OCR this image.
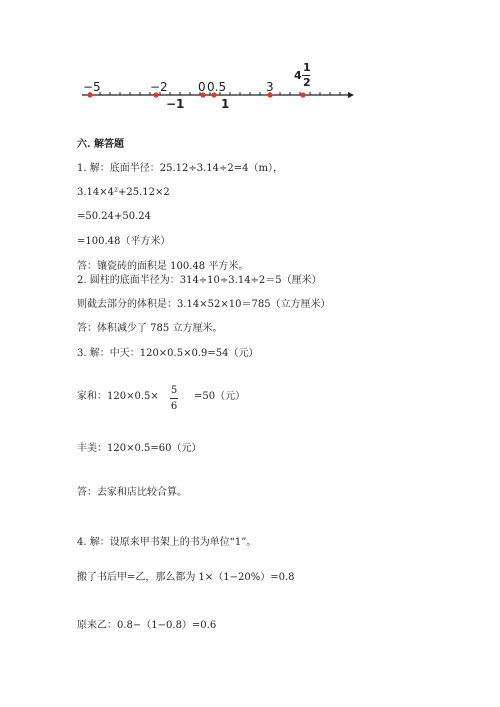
−5	−2	0 0.5	3
−1	1
4
1
2
六. 解答题
1. 解：底面半径：25.12÷3.14÷2=4（m），
3.14×4²+25.12×2
=50.24+50.24
=100.48（平方米）
答：镶瓷砖的面积是 100.48 平方米。
2. 圆柱的底面半径为：314÷10÷3.14÷2＝5（厘米）
则截去部分的体积是：3.14×52×10＝785（立方厘米）
答：体积减少了 785 立方厘米。
3. 解：中天：120×0.5×0.9=54（元）
家和：120×0.5×
5
6
=50（元）
丰美：120×0.5=60（元）
答：去家和店比较合算。
4. 解：设原来甲书架上的书为单位“1”。
搬了书后甲=乙，那么都为 1×（1−20%）=0.8
原来乙：0.8−（1−0.8）=0.6
